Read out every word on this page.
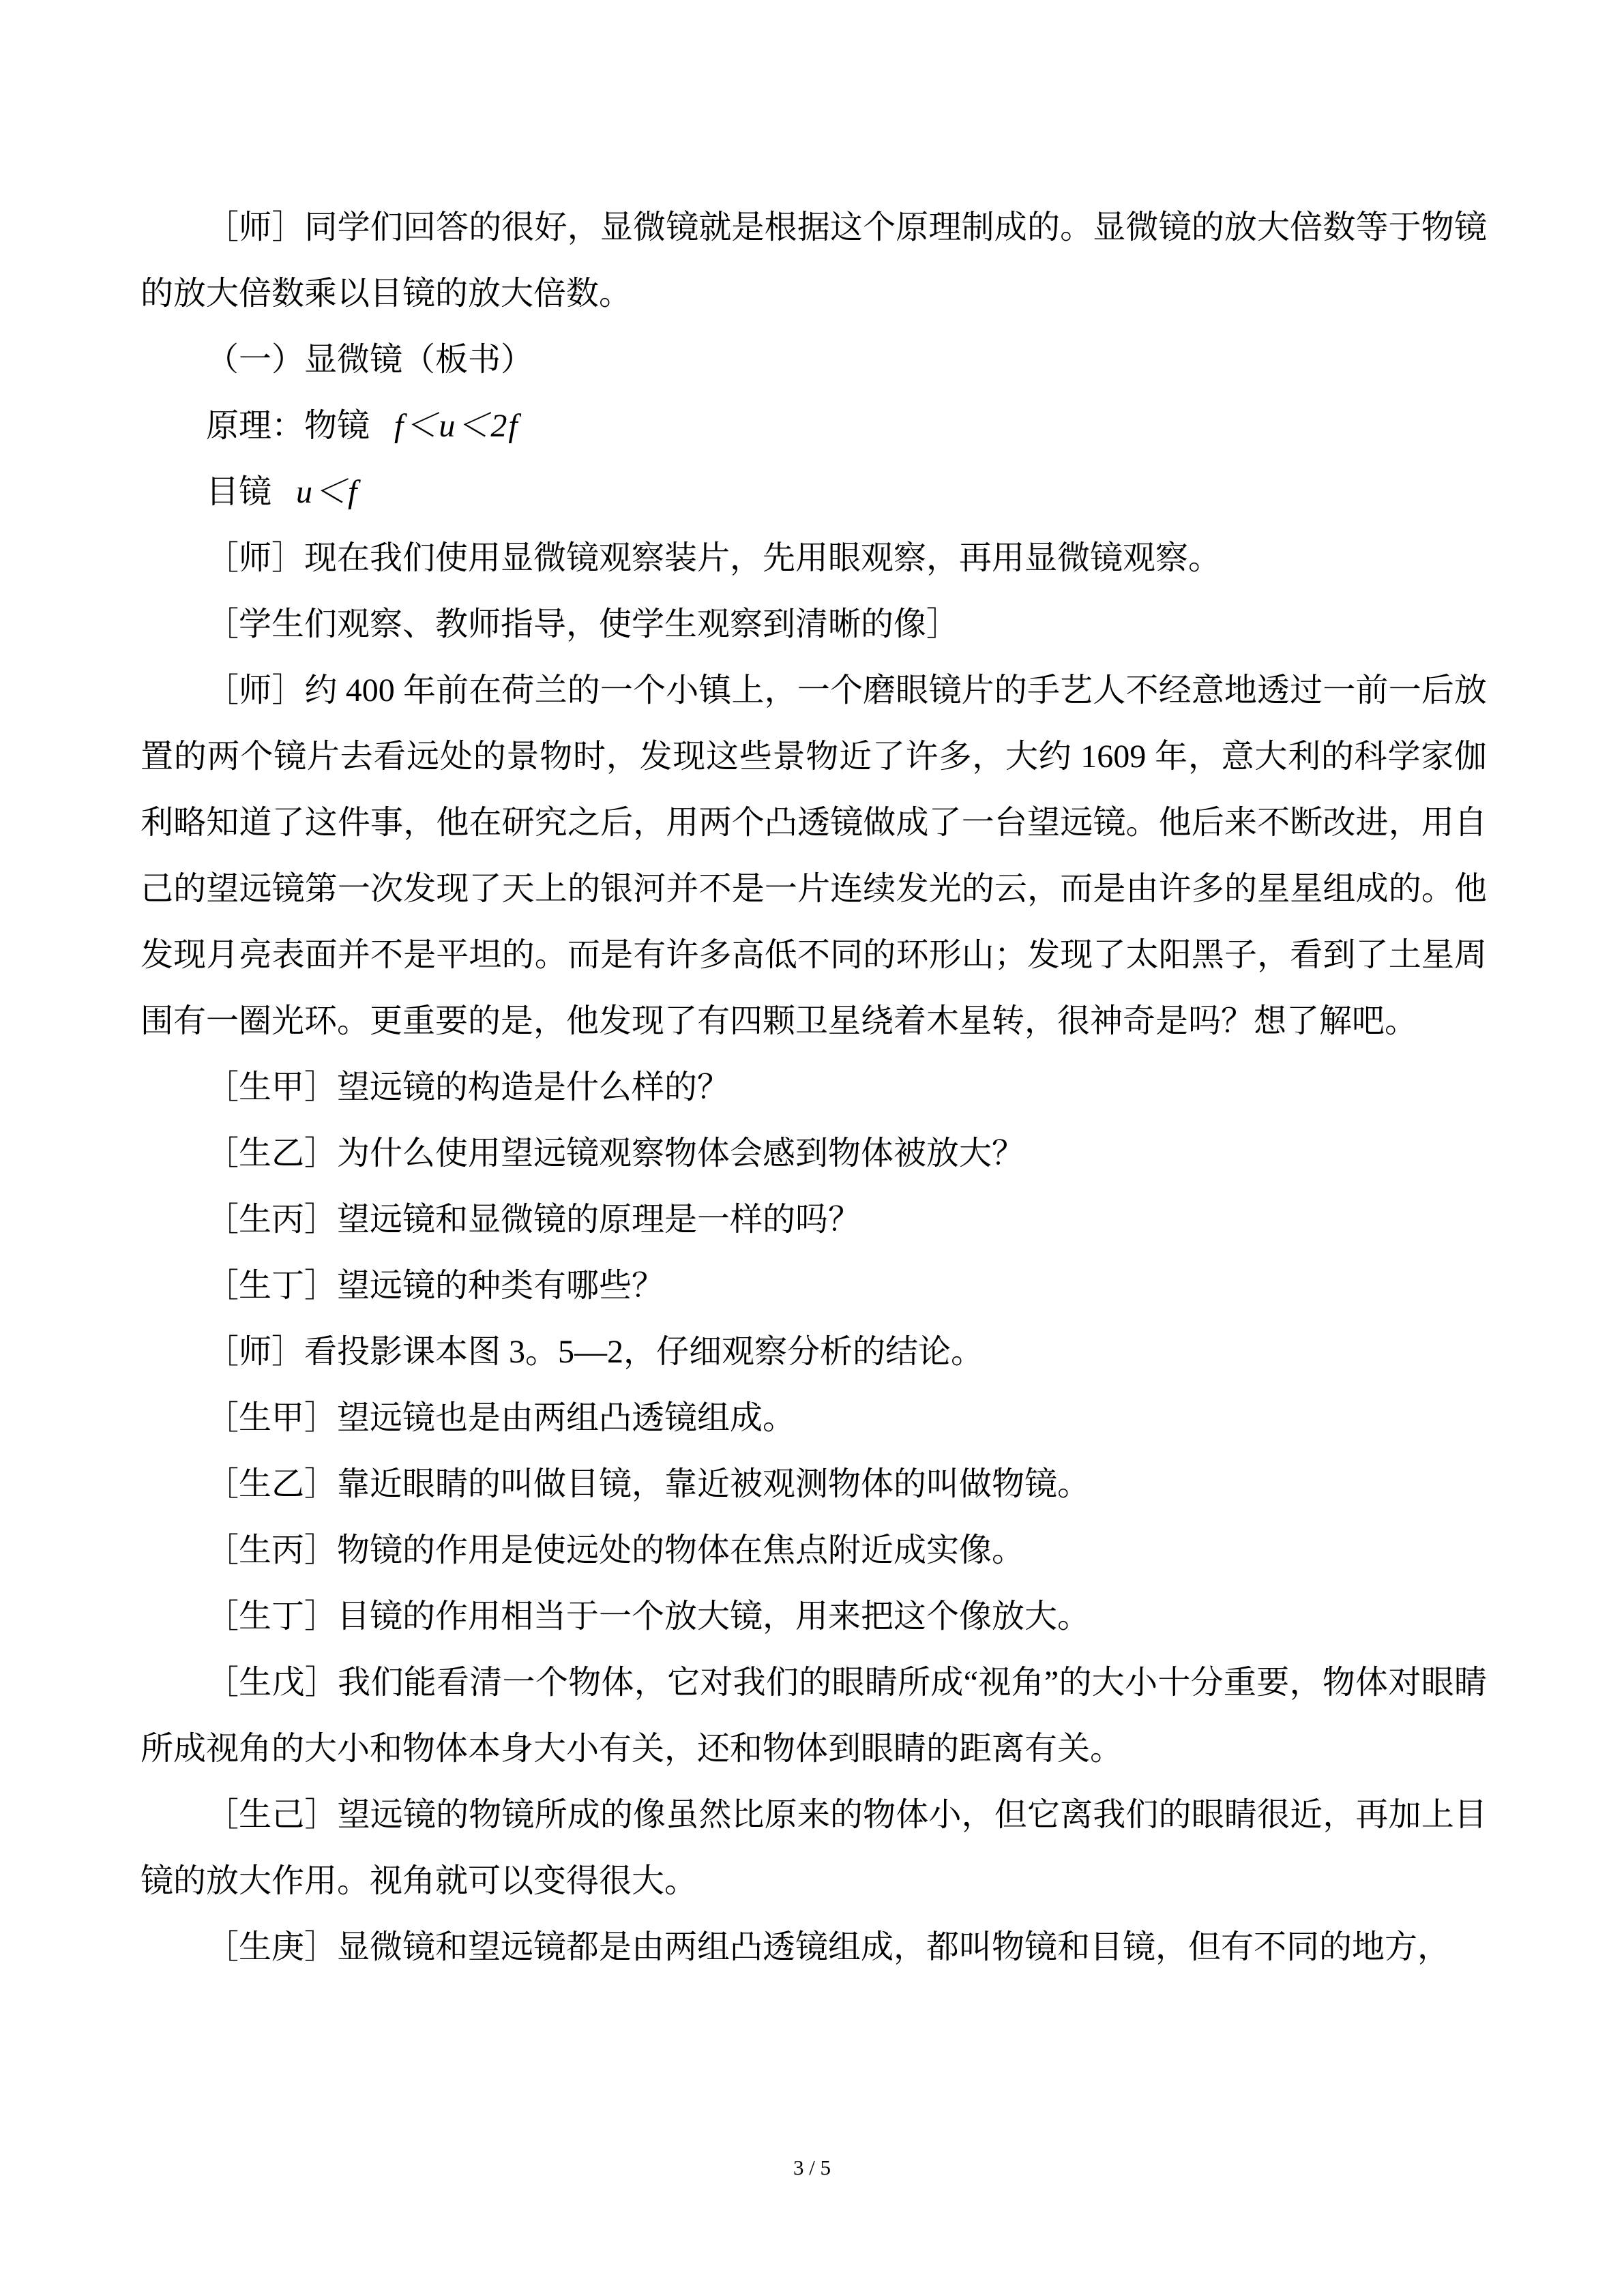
［师］同学们回答的很好，显微镜就是根据这个原理制成的。显微镜的放大倍数等于物镜的放大倍数乘以目镜的放大倍数。

（一）显微镜（板书）

原理：物镜 f＜u＜2f

目镜 u＜f

［师］现在我们使用显微镜观察装片，先用眼观察，再用显微镜观察。

［学生们观察、教师指导，使学生观察到清晰的像］

［师］约 400 年前在荷兰的一个小镇上，一个磨眼镜片的手艺人不经意地透过一前一后放置的两个镜片去看远处的景物时，发现这些景物近了许多，大约 1609 年，意大利的科学家伽利略知道了这件事，他在研究之后，用两个凸透镜做成了一台望远镜。他后来不断改进，用自己的望远镜第一次发现了天上的银河并不是一片连续发光的云，而是由许多的星星组成的。他发现月亮表面并不是平坦的。而是有许多高低不同的环形山；发现了太阳黑子，看到了土星周围有一圈光环。更重要的是，他发现了有四颗卫星绕着木星转，很神奇是吗？想了解吧。

［生甲］望远镜的构造是什么样的？

［生乙］为什么使用望远镜观察物体会感到物体被放大？

［生丙］望远镜和显微镜的原理是一样的吗？

［生丁］望远镜的种类有哪些？

［师］看投影课本图 3。5—2，仔细观察分析的结论。

［生甲］望远镜也是由两组凸透镜组成。

［生乙］靠近眼睛的叫做目镜，靠近被观测物体的叫做物镜。

［生丙］物镜的作用是使远处的物体在焦点附近成实像。

［生丁］目镜的作用相当于一个放大镜，用来把这个像放大。

［生戊］我们能看清一个物体，它对我们的眼睛所成“视角”的大小十分重要，物体对眼睛所成视角的大小和物体本身大小有关，还和物体到眼睛的距离有关。

［生己］望远镜的物镜所成的像虽然比原来的物体小，但它离我们的眼睛很近，再加上目镜的放大作用。视角就可以变得很大。

［生庚］显微镜和望远镜都是由两组凸透镜组成，都叫物镜和目镜，但有不同的地方，

3 / 5
